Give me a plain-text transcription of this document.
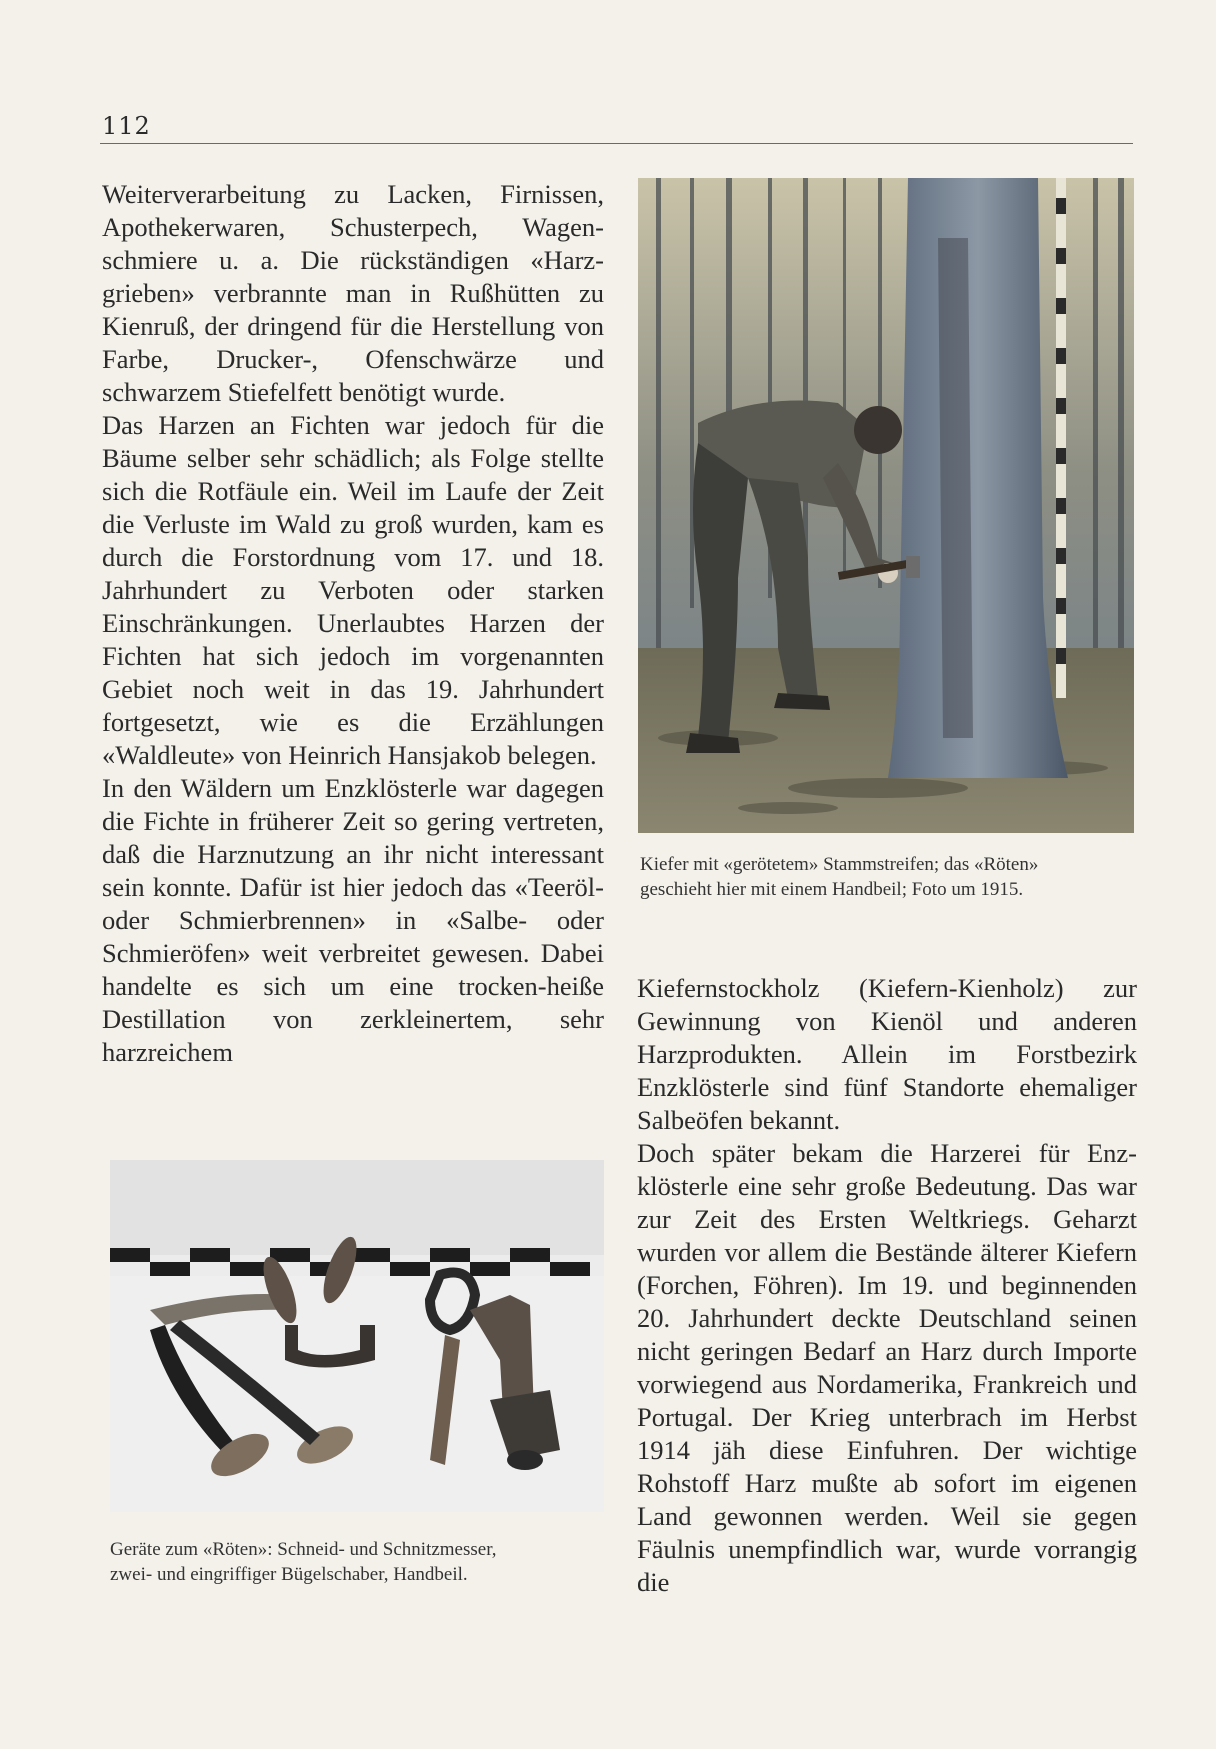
112

Weiterverarbeitung zu Lacken, Firnissen, Apothekerwaren, Schusterpech, Wagenschmiere u. a. Die rückständigen «Harzgrieben» verbrannte man in Rußhütten zu Kienruß, der dringend für die Herstellung von Farbe, Drucker-, Ofenschwärze und schwarzem Stiefelfett benötigt wurde.

Das Harzen an Fichten war jedoch für die Bäume selber sehr schädlich; als Folge stellte sich die Rotfäule ein. Weil im Laufe der Zeit die Verluste im Wald zu groß wurden, kam es durch die Forstordnung vom 17. und 18. Jahrhundert zu Verboten oder starken Einschränkungen. Unerlaubtes Harzen der Fichten hat sich jedoch im vorgenannten Gebiet noch weit in das 19. Jahrhundert fortgesetzt, wie es die Erzählungen «Waldleute» von Heinrich Hansjakob belegen.

In den Wäldern um Enzklösterle war dagegen die Fichte in früherer Zeit so gering vertreten, daß die Harznutzung an ihr nicht interessant sein konnte. Dafür ist hier jedoch das «Teeröl- oder Schmierbrennen» in «Salbe- oder Schmieröfen» weit verbreitet gewesen. Dabei handelte es sich um eine trocken-heiße Destillation von zerkleinertem, sehr harzreichem

Kiefer mit «gerötetem» Stammstreifen; das «Röten»

geschieht hier mit einem Handbeil; Foto um 1915.

Geräte zum «Röten»: Schneid- und Schnitzmesser,

zwei- und eingriffiger Bügelschaber, Handbeil.

Kiefernstockholz (Kiefern-Kienholz) zur Gewinnung von Kienöl und anderen Harzprodukten. Allein im Forstbezirk Enzklösterle sind fünf Standorte ehemaliger Salbeöfen bekannt.

Doch später bekam die Harzerei für Enzklösterle eine sehr große Bedeutung. Das war zur Zeit des Ersten Weltkriegs. Geharzt wurden vor allem die Bestände älterer Kiefern (Forchen, Föhren). Im 19. und beginnenden 20. Jahrhundert deckte Deutschland seinen nicht geringen Bedarf an Harz durch Importe vorwiegend aus Nordamerika, Frankreich und Portugal. Der Krieg unterbrach im Herbst 1914 jäh diese Einfuhren. Der wichtige Rohstoff Harz mußte ab sofort im eigenen Land gewonnen werden. Weil sie gegen Fäulnis unempfindlich war, wurde vorrangig die
